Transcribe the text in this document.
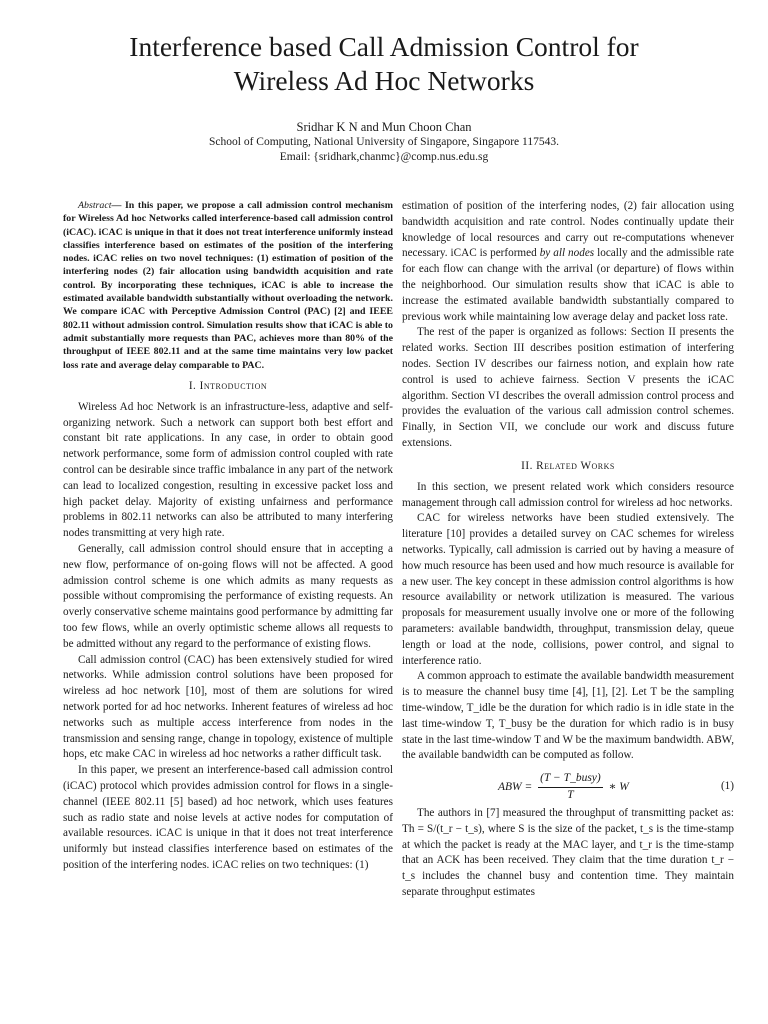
Interference based Call Admission Control for
Wireless Ad Hoc Networks
Sridhar K N and Mun Choon Chan
School of Computing, National University of Singapore, Singapore 117543.
Email: {sridhark,chanmc}@comp.nus.edu.sg

Abstract— In this paper, we propose a call admission control mechanism for Wireless Ad hoc Networks called interference-based call admission control (iCAC). iCAC is unique in that it does not treat interference uniformly instead classifies interference based on estimates of the position of the interfering nodes. iCAC relies on two novel techniques: (1) estimation of position of the interfering nodes (2) fair allocation using bandwidth acquisition and rate control. By incorporating these techniques, iCAC is able to increase the estimated available bandwidth substantially without overloading the network. We compare iCAC with Perceptive Admission Control (PAC) [2] and IEEE 802.11 without admission control. Simulation results show that iCAC is able to admit substantially more requests than PAC, achieves more than 80% of the throughput of IEEE 802.11 and at the same time maintains very low packet loss rate and average delay comparable to PAC.

I. Introduction

Wireless Ad hoc Network is an infrastructure-less, adaptive and self-organizing network. Such a network can support both best effort and constant bit rate applications. In any case, in order to obtain good network performance, some form of admission control coupled with rate control can be desirable since traffic imbalance in any part of the network can lead to localized congestion, resulting in excessive packet loss and high packet delay. Majority of existing unfairness and performance problems in 802.11 networks can also be attributed to many interfering nodes transmitting at very high rate.

Generally, call admission control should ensure that in accepting a new flow, performance of on-going flows will not be affected. A good admission control scheme is one which admits as many requests as possible without compromising the performance of existing requests. An overly conservative scheme maintains good performance by admitting far too few flows, while an overly optimistic scheme allows all requests to be admitted without any regard to the performance of existing flows.

Call admission control (CAC) has been extensively studied for wired networks. While admission control solutions have been proposed for wireless ad hoc network [10], most of them are solutions for wired network ported for ad hoc networks. Inherent features of wireless ad hoc networks such as multiple access interference from nodes in the transmission and sensing range, change in topology, existence of multiple hops, etc make CAC in wireless ad hoc networks a rather difficult task.

In this paper, we present an interference-based call admission control (iCAC) protocol which provides admission control for flows in a single-channel (IEEE 802.11 [5] based) ad hoc network, which uses features such as radio state and noise levels at active nodes for computation of available resources. iCAC is unique in that it does not treat interference uniformly but instead classifies interference based on estimates of the position of the interfering nodes. iCAC relies on two techniques: (1)

estimation of position of the interfering nodes, (2) fair allocation using bandwidth acquisition and rate control. Nodes continually update their knowledge of local resources and carry out re-computations whenever necessary. iCAC is performed by all nodes locally and the admissible rate for each flow can change with the arrival (or departure) of flows within the neighborhood. Our simulation results show that iCAC is able to increase the estimated available bandwidth substantially compared to previous work while maintaining low average delay and packet loss rate.

The rest of the paper is organized as follows: Section II presents the related works. Section III describes position estimation of interfering nodes. Section IV describes our fairness notion, and explain how rate control is used to achieve fairness. Section V presents the iCAC algorithm. Section VI describes the overall admission control process and provides the evaluation of the various call admission control schemes. Finally, in Section VII, we conclude our work and discuss future extensions.

II. Related Works

In this section, we present related work which considers resource management through call admission control for wireless ad hoc networks.

CAC for wireless networks have been studied extensively. The literature [10] provides a detailed survey on CAC schemes for wireless networks. Typically, call admission is carried out by having a measure of how much resource has been used and how much resource is available for a new user. The key concept in these admission control algorithms is how resource availability or network utilization is measured. The various proposals for measurement usually involve one or more of the following parameters: available bandwidth, throughput, transmission delay, queue length or load at the node, collisions, power control, and signal to interference ratio.

A common approach to estimate the available bandwidth measurement is to measure the channel busy time [4], [1], [2]. Let T be the sampling time-window, T_idle be the duration for which radio is in idle state in the last time-window T, T_busy be the duration for which radio is in busy state in the last time-window T and W be the maximum bandwidth. ABW, the available bandwidth can be computed as follow.

ABW = $\frac{\text{(T − T\_busy)}}{T}$ ∗ W	(1)

The authors in [7] measured the throughput of transmitting packet as: Th = S/(t_r − t_s), where S is the size of the packet, t_s is the time-stamp at which the packet is ready at the MAC layer, and t_r is the time-stamp that an ACK has been received. They claim that the time duration t_r − t_s includes the channel busy and contention time. They maintain separate throughput estimates
